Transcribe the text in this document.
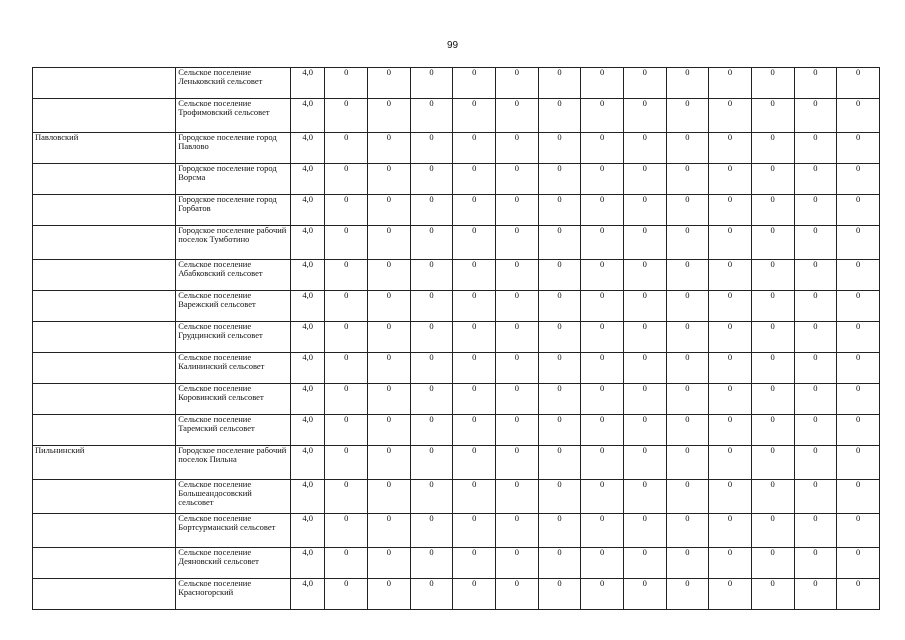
99
	Сельское поселение Леньковский сельсовет	4,0	0	0	0	0	0	0	0	0	0	0	0	0	0
	Сельское поселение Трофимовский сельсовет	4,0	0	0	0	0	0	0	0	0	0	0	0	0	0
Павловский	Городское поселение город Павлово	4,0	0	0	0	0	0	0	0	0	0	0	0	0	0
	Городское поселение город Ворсма	4,0	0	0	0	0	0	0	0	0	0	0	0	0	0
	Городское поселение город Горбатов	4,0	0	0	0	0	0	0	0	0	0	0	0	0	0
	Городское поселение рабочий поселок Тумботино	4,0	0	0	0	0	0	0	0	0	0	0	0	0	0
	Сельское поселение Абабковский сельсовет	4,0	0	0	0	0	0	0	0	0	0	0	0	0	0
	Сельское поселение Варежский сельсовет	4,0	0	0	0	0	0	0	0	0	0	0	0	0	0
	Сельское поселение Грудцинский сельсовет	4,0	0	0	0	0	0	0	0	0	0	0	0	0	0
	Сельское поселение Калининский сельсовет	4,0	0	0	0	0	0	0	0	0	0	0	0	0	0
	Сельское поселение Коровинский сельсовет	4,0	0	0	0	0	0	0	0	0	0	0	0	0	0
	Сельское поселение Таремский сельсовет	4,0	0	0	0	0	0	0	0	0	0	0	0	0	0
Пильнинский	Городское поселение рабочий поселок Пильна	4,0	0	0	0	0	0	0	0	0	0	0	0	0	0
	Сельское поселение Большеандосовский сельсовет	4,0	0	0	0	0	0	0	0	0	0	0	0	0	0
	Сельское поселение Бортсурманский сельсовет	4,0	0	0	0	0	0	0	0	0	0	0	0	0	0
	Сельское поселение Деяновский сельсовет	4,0	0	0	0	0	0	0	0	0	0	0	0	0	0
	Сельское поселение Красногорский	4,0	0	0	0	0	0	0	0	0	0	0	0	0	0
